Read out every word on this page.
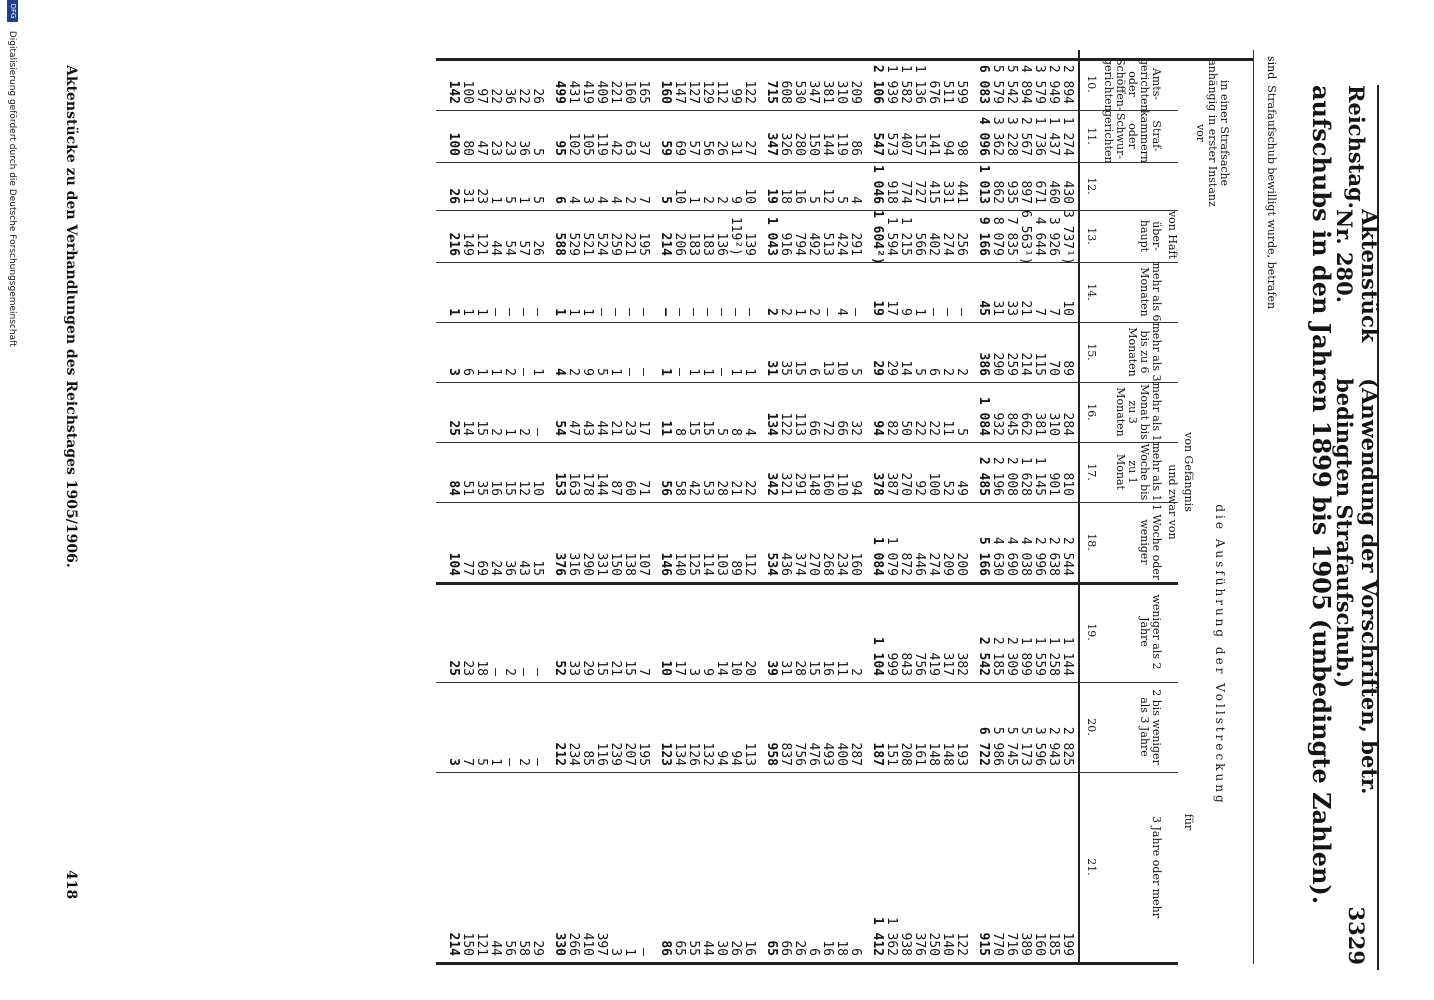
Reichstag.
Aktenstück Nr. 280.
(Anwendung der Vorschriften, betr. bedingten Strafaufschub.)
3329
aufschubs in den Jahren 1899 bis 1905 (unbedingte Zahlen).
sind
Strafaufschub bewilligt wurde, betrafen
die Ausführung der Vollstreckung
in einer Strafsache anhängig in erster Instanz vor
von Haft
von Gefängnis
und zwar von
für
Amts-gerichten oder Schöffen-gerichten
Straf-kammern oder Schwur-gerichten
über-haupt
mehr als 6 Monaten
mehr als 3 bis zu 6 Monaten
mehr als 1 Monat bis zu 3 Monaten
mehr als 1 Woche bis zu 1 Monat
1 Woche oder weniger
weniger als 2 Jahre
2 bis weniger als 3 Jahre
3 Jahre oder mehr
10.
11.
12.
13.
14.
15.
16.
17.
18.
19.
20.
21.
2 894
1 274
430
3 737¹)
10
89
284
810
2 544
1 144
2 825
199
2 949
1 437
460
3 926
7
70
310
901
2 638
1 258
2 943
185
3 579
1 736
671
4 644
7
115
381
1 145
2 996
1 559
3 596
160
4 894
2 567
897
6 563¹)
21
214
662
1 628
4 038
1 899
5 173
389
5 542
3 228
935
7 835
33
259
845
2 008
4 690
2 309
5 745
716
5 579
3 362
862
8 079
31
290
932
2 196
4 630
2 185
5 986
770
6 083
4 096
1 013
9 166
45
386
1 084
2 485
5 166
2 542
6 722
915
599
98
441
256
—
2
5
49
200
382
193
122
511
94
331
274
—
2
11
52
209
317
148
140
676
141
415
402
—
6
22
100
274
419
148
250
1 136
157
727
566
1
5
22
92
446
756
161
376
1 582
407
774
1 215
9
14
50
270
872
843
208
938
1 939
573
918
1 594
17
29
82
387
1 079
999
151
1 362
2 106
547
1 046
1 604²)
19
29
94
378
1 084
1 104
187
1 412
209
86
4
291
—
5
32
94
160
2
287
6
310
119
5
424
4
10
66
110
234
11
400
18
381
144
12
513
—
13
72
160
268
16
493
16
347
150
5
492
2
6
66
148
270
15
476
6
530
280
16
794
1
15
113
291
374
28
756
26
608
326
18
916
2
35
122
321
436
31
837
66
715
347
19
1 043
2
31
134
342
534
39
958
65
122
27
10
139
—
1
4
22
112
20
113
16
99
31
9
119²)
—
1
8
21
89
10
94
26
112
26
2
136
—
—
5
28
103
14
94
30
129
56
2
183
—
1
15
53
114
9
132
44
127
57
1
183
—
1
15
42
125
3
126
55
147
69
10
206
—
—
8
58
140
17
134
65
160
59
5
214
—
1
11
56
146
10
123
86
165
37
7
195
—
—
17
71
107
7
195
—
160
63
2
221
—
—
23
60
138
15
207
1
221
42
4
259
—
1
21
87
150
21
239
3
409
119
4
524
—
5
44
144
331
15
116
397
419
105
3
521
1
9
43
178
290
29
85
410
431
102
4
529
1
2
47
163
316
33
234
266
499
95
6
588
1
4
54
153
376
52
212
330
26
5
5
26
—
1
—
10
15
—
—
29
22
36
1
57
—
—
2
12
43
—
2
58
36
23
5
54
—
2
1
15
36
2
—
56
22
23
1
44
—
1
2
16
24
—
1
44
97
47
23
121
1
1
15
35
69
18
5
121
100
80
31
149
1
6
14
51
77
23
7
150
142
100
26
216
1
3
25
84
104
25
3
214
Aktenstücke zu den Verhandlungen des Reichstages 1905/1906.
418
DFG Digitalisierung gefördert durch die Deutsche Forschungsgemeinschaft
